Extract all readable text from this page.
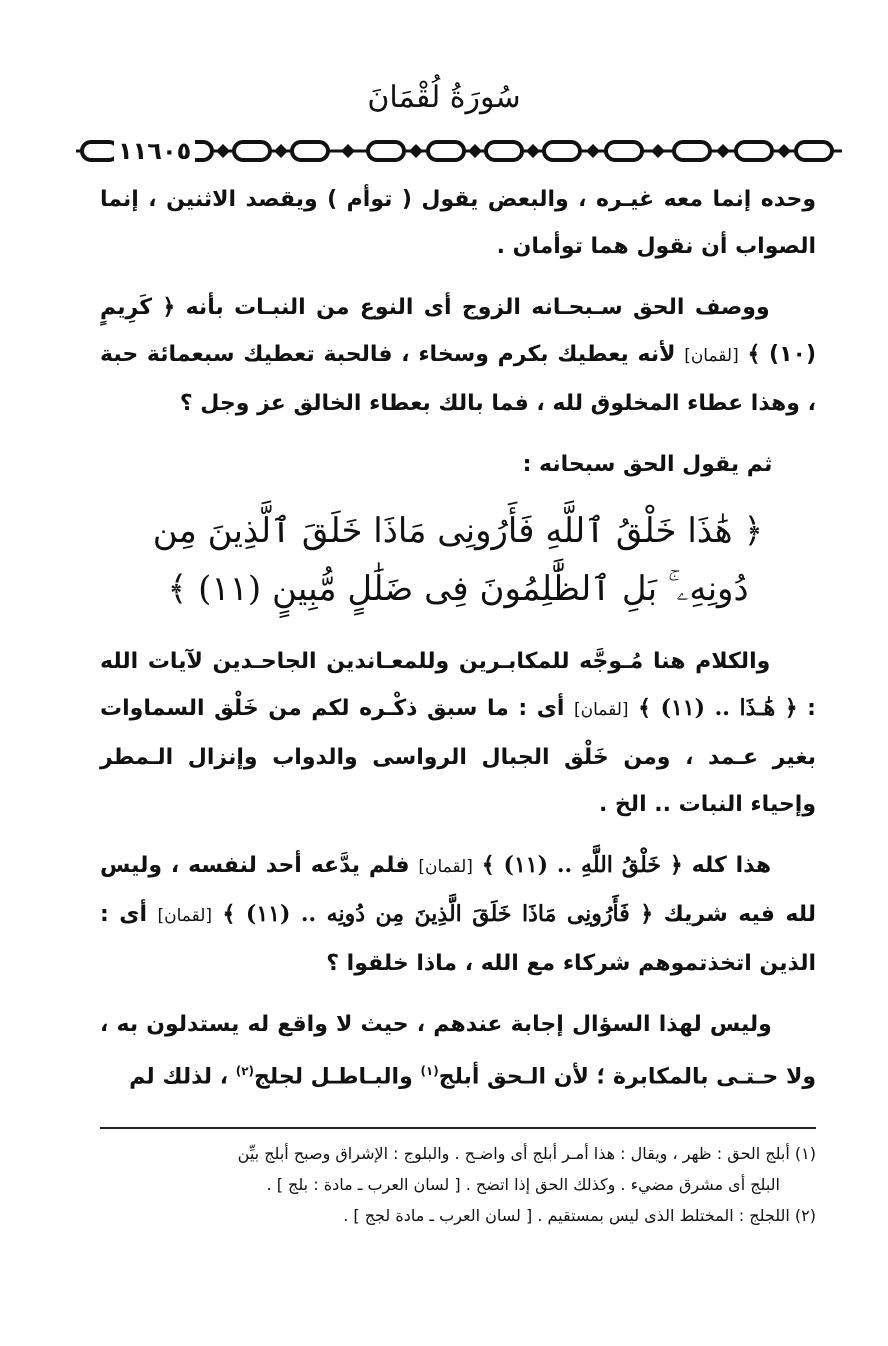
سُورَةُ لُقْمَانَ
١١٦٠٥

وحده إنما معه غيـره ، والبعض يقول ( توأم ) ويقصد الاثنين ، إنما الصواب أن نقول هما توأمان .

ووصف الحق سـبحـانه الزوج أى النوع من النبـات بأنه ﴿ كَرِيمٍ (١٠) ﴾ [لقمان] لأنه يعطيك بكرم وسخاء ، فالحبة تعطيك سبعمائة حبة ، وهذا عطاء المخلوق لله ، فما بالك بعطاء الخالق عز وجل ؟

ثم يقول الحق سبحانه :

﴿ هَٰذَا خَلْقُ ٱللَّهِ فَأَرُونِى مَاذَا خَلَقَ ٱلَّذِينَ مِن
دُونِهِۦ ۚ بَلِ ٱلظَّٰلِمُونَ فِى ضَلَٰلٍ مُّبِينٍ (١١) ﴾

والكلام هنا مُـوجَّه للمكابـرين وللمعـاندين الجاحـدين لآيات الله : ﴿ هَٰـذَا .. (١١) ﴾ [لقمان] أى : ما سبق ذكْـره لكم من خَلْق السماوات بغير عـمد ، ومن خَلْق الجبال الرواسى والدواب وإنزال الـمطر وإحياء النبات .. الخ .

هذا كله ﴿ خَلْقُ اللَّهِ .. (١١) ﴾ [لقمان] فلم يدَّعه أحد لنفسه ، وليس لله فيه شريك ﴿ فَأَرُونِى مَاذَا خَلَقَ الَّذِينَ مِن دُونِه .. (١١) ﴾ [لقمان] أى : الذين اتخذتموهم شركاء مع الله ، ماذا خلقوا ؟

وليس لهذا السؤال إجابة عندهم ، حيث لا واقع له يستدلون به ، ولا حـتـى بالمكابرة ؛ لأن الـحق أبلج$^{(١)}$ والبـاطـل لجلج$^{(٢)}$ ، لذلك لم

(١) أبلج الحق : ظهر ، ويقال : هذا أمـر أبلج أى واضـح . والبلوج : الإشراق وصبح أبلج بيِّن

البلج أى مشرق مضيء . وكذلك الحق إذا اتضح . [ لسان العرب ـ مادة : بلج ] .

(٢) اللجلج : المختلط الذى ليس بمستقيم . [ لسان العرب ـ مادة لجج ] .
